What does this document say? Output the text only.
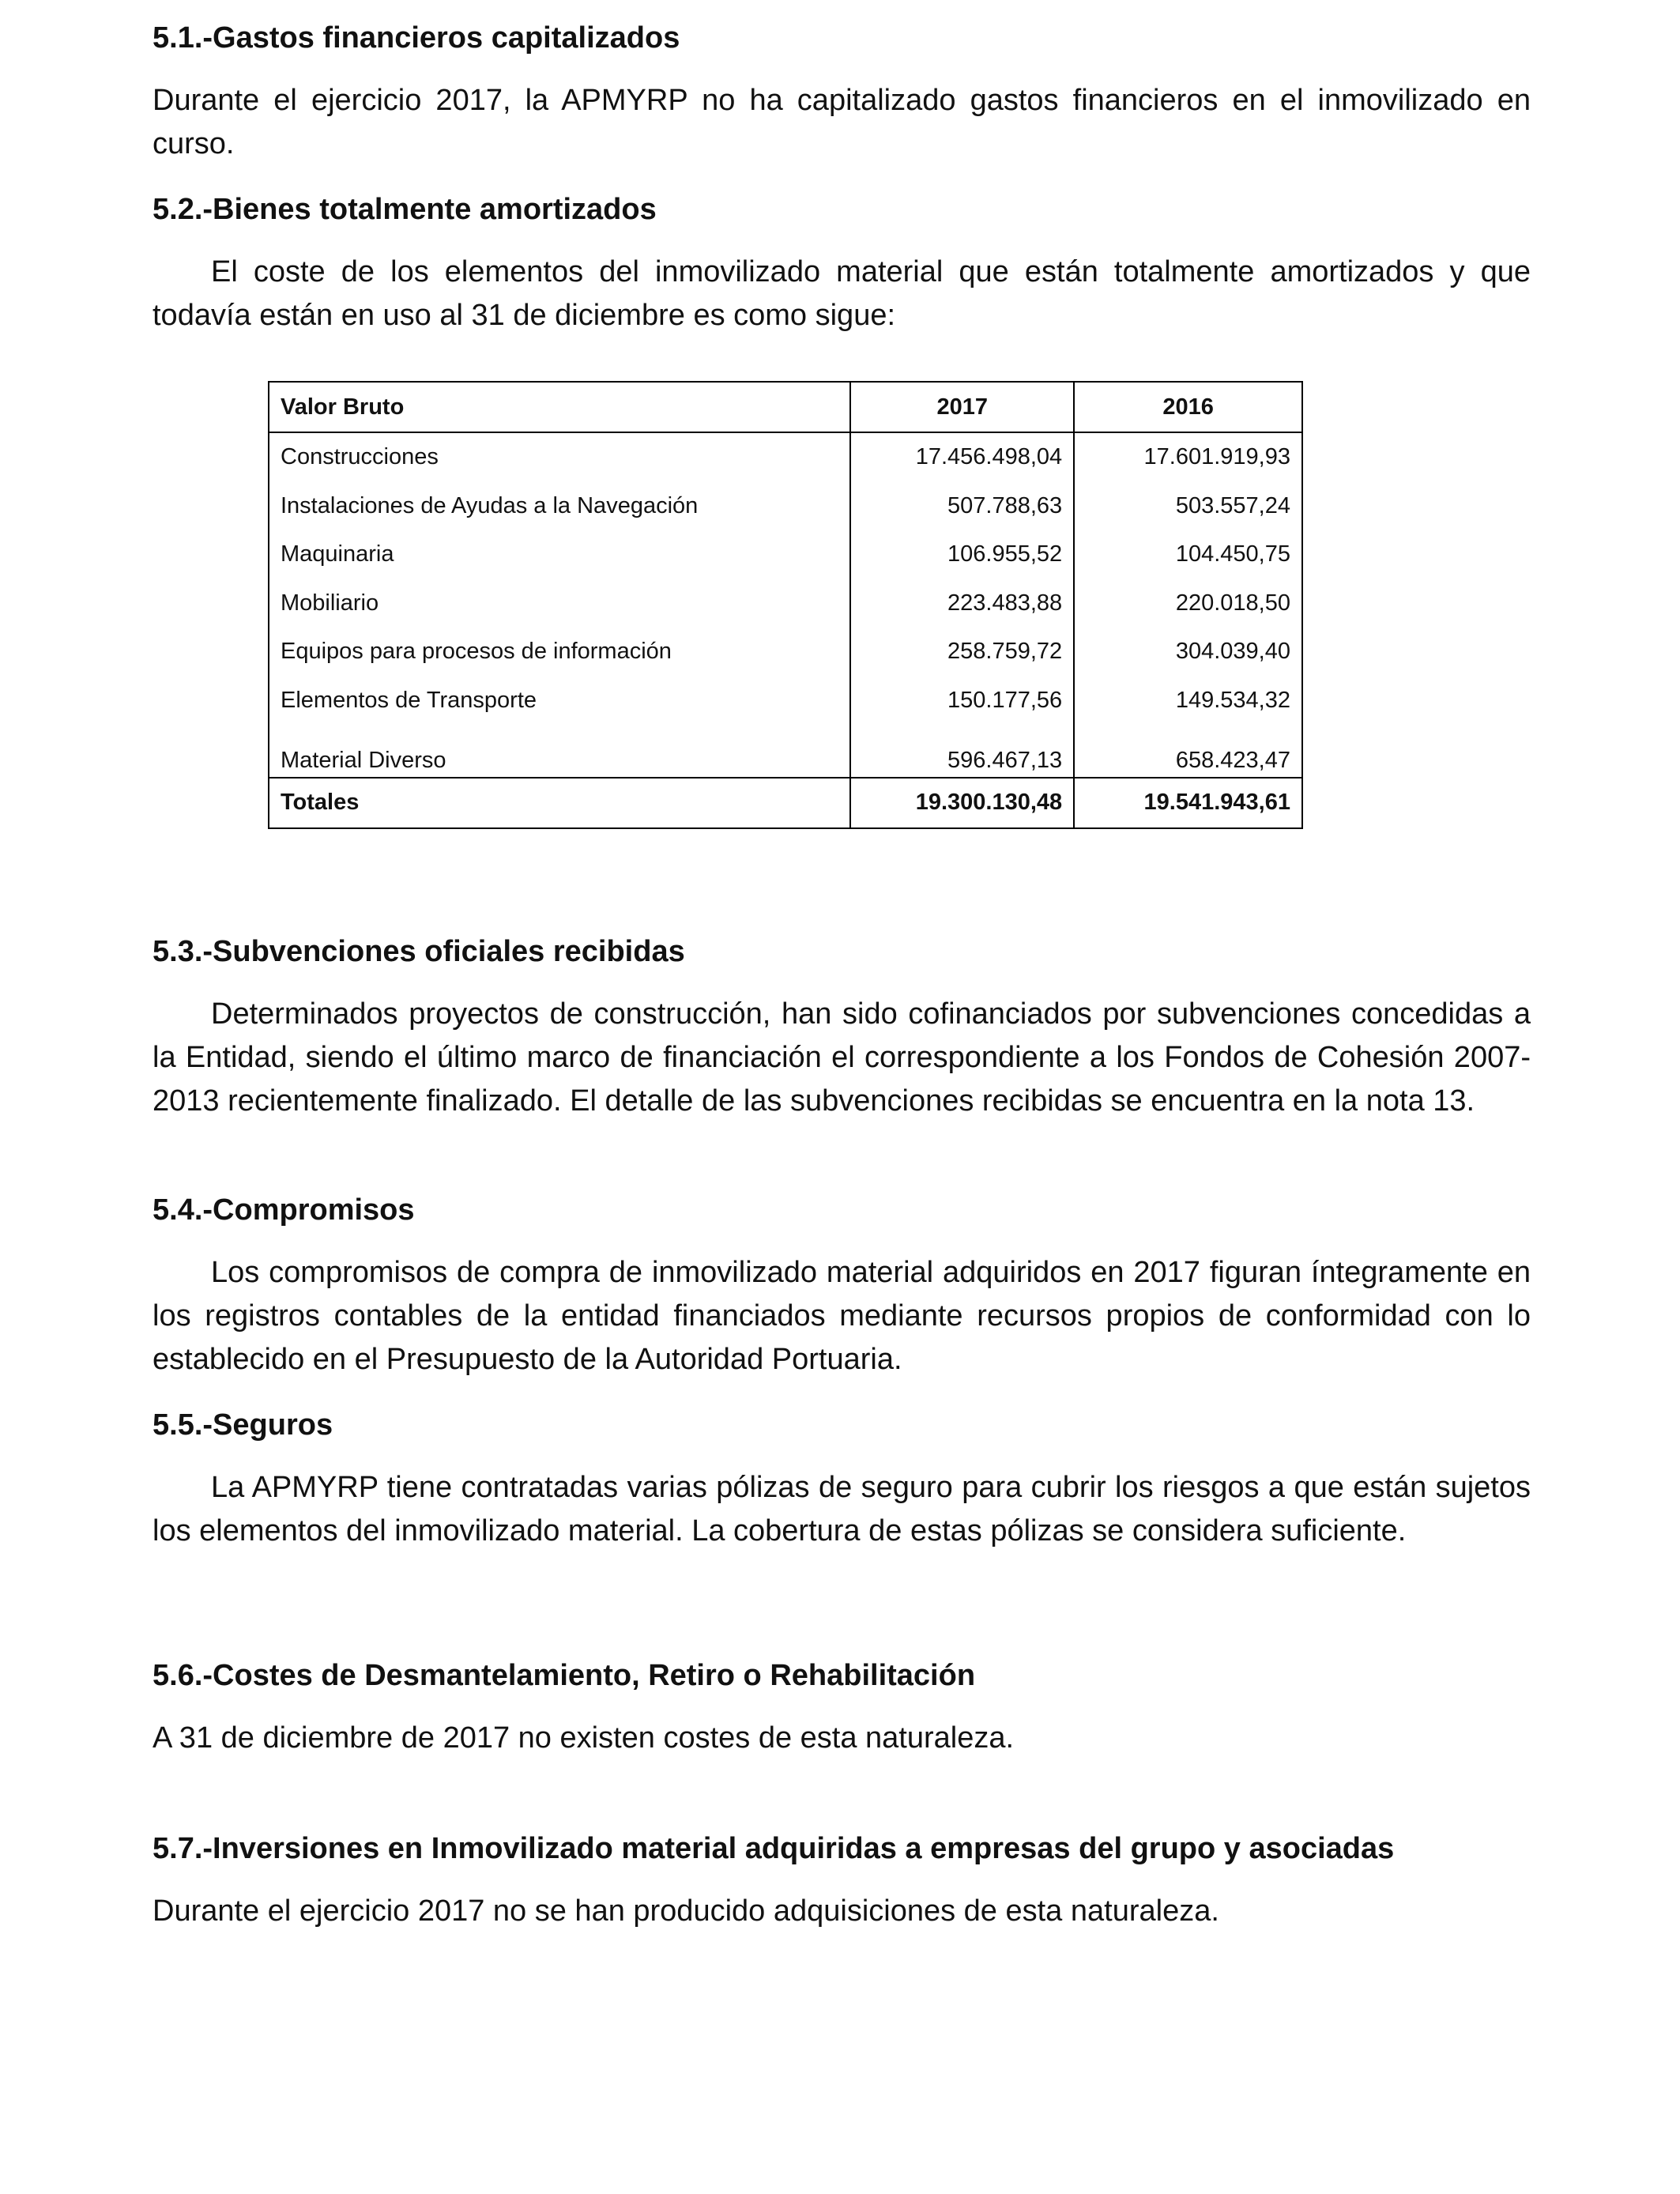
5.1.-Gastos financieros capitalizados

Durante el ejercicio 2017, la APMYRP no ha capitalizado gastos financieros en el inmovilizado en curso.

5.2.-Bienes totalmente amortizados

El coste de los elementos del inmovilizado material que están totalmente amortizados y que todavía están en uso al 31 de diciembre es como sigue:

Valor Bruto	2017	2016
Construcciones	17.456.498,04	17.601.919,93
Instalaciones de Ayudas a la Navegación	507.788,63	503.557,24
Maquinaria	106.955,52	104.450,75
Mobiliario	223.483,88	220.018,50
Equipos para procesos de información	258.759,72	304.039,40
Elementos de Transporte	150.177,56	149.534,32
Material Diverso	596.467,13	658.423,47
Totales	19.300.130,48	19.541.943,61
5.3.-Subvenciones oficiales recibidas

Determinados proyectos de construcción, han sido cofinanciados por subvenciones concedidas a la Entidad, siendo el último marco de financiación el correspondiente a los Fondos de Cohesión 2007-2013 recientemente finalizado. El detalle de las subvenciones recibidas se encuentra en la nota 13.

5.4.-Compromisos

Los compromisos de compra de inmovilizado material adquiridos en 2017 figuran íntegramente en los registros contables de la entidad financiados mediante recursos propios de conformidad con lo establecido en el Presupuesto de la Autoridad Portuaria.

5.5.-Seguros

La APMYRP tiene contratadas varias pólizas de seguro para cubrir los riesgos a que están sujetos los elementos del inmovilizado material. La cobertura de estas pólizas se considera suficiente.

5.6.-Costes de Desmantelamiento, Retiro o Rehabilitación

A 31 de diciembre de 2017 no existen costes de esta naturaleza.

5.7.-Inversiones en Inmovilizado material adquiridas a empresas del grupo y asociadas

Durante el ejercicio 2017 no se han producido adquisiciones de esta naturaleza.
